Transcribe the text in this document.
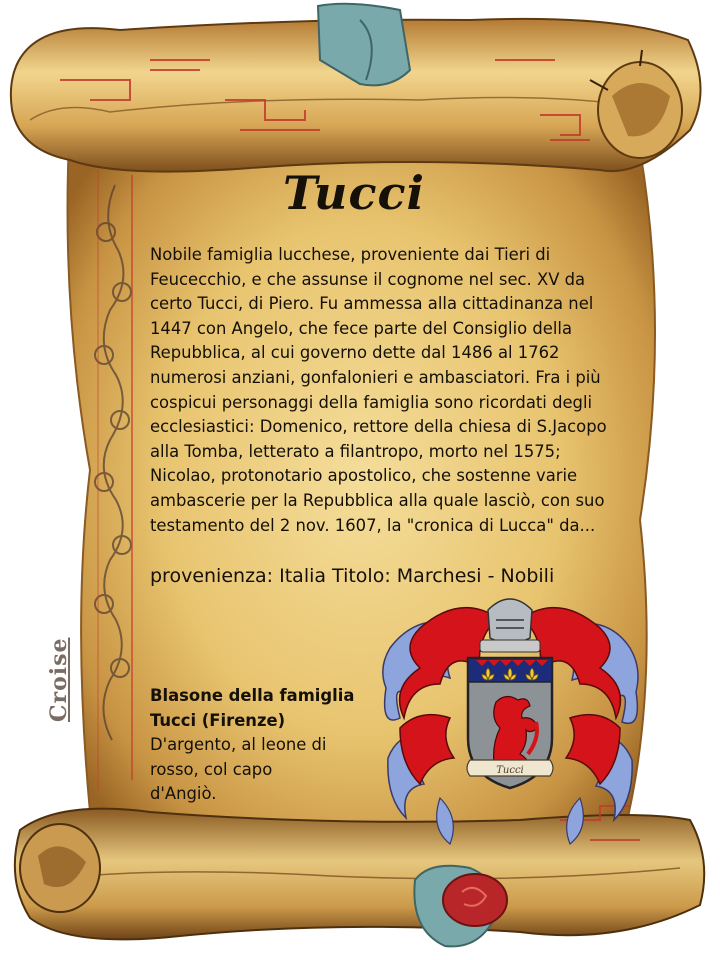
Tucci

Nobile famiglia lucchese, proveniente dai Tieri di

Feucecchio, e che assunse il cognome nel sec. XV da

certo Tucci, di Piero. Fu ammessa alla cittadinanza nel

1447 con Angelo, che fece parte del Consiglio della

Repubblica, al cui governo dette dal 1486 al 1762

numerosi anziani, gonfalonieri e ambasciatori. Fra i più

cospicui personaggi della famiglia sono ricordati degli

ecclesiastici: Domenico, rettore della chiesa di S.Jacopo

alla Tomba, letterato a filantropo, morto nel 1575;

Nicolao, protonotario apostolico, che sostenne varie

ambascerie per la Repubblica alla quale lasciò, con suo

testamento del 2 nov. 1607, la "cronica di Lucca" da...

provenienza: Italia Titolo: Marchesi - Nobili

Blasone della famiglia

Tucci (Firenze)

D'argento, al leone di

rosso, col capo

d'Angiò.

Croise
Tucci
